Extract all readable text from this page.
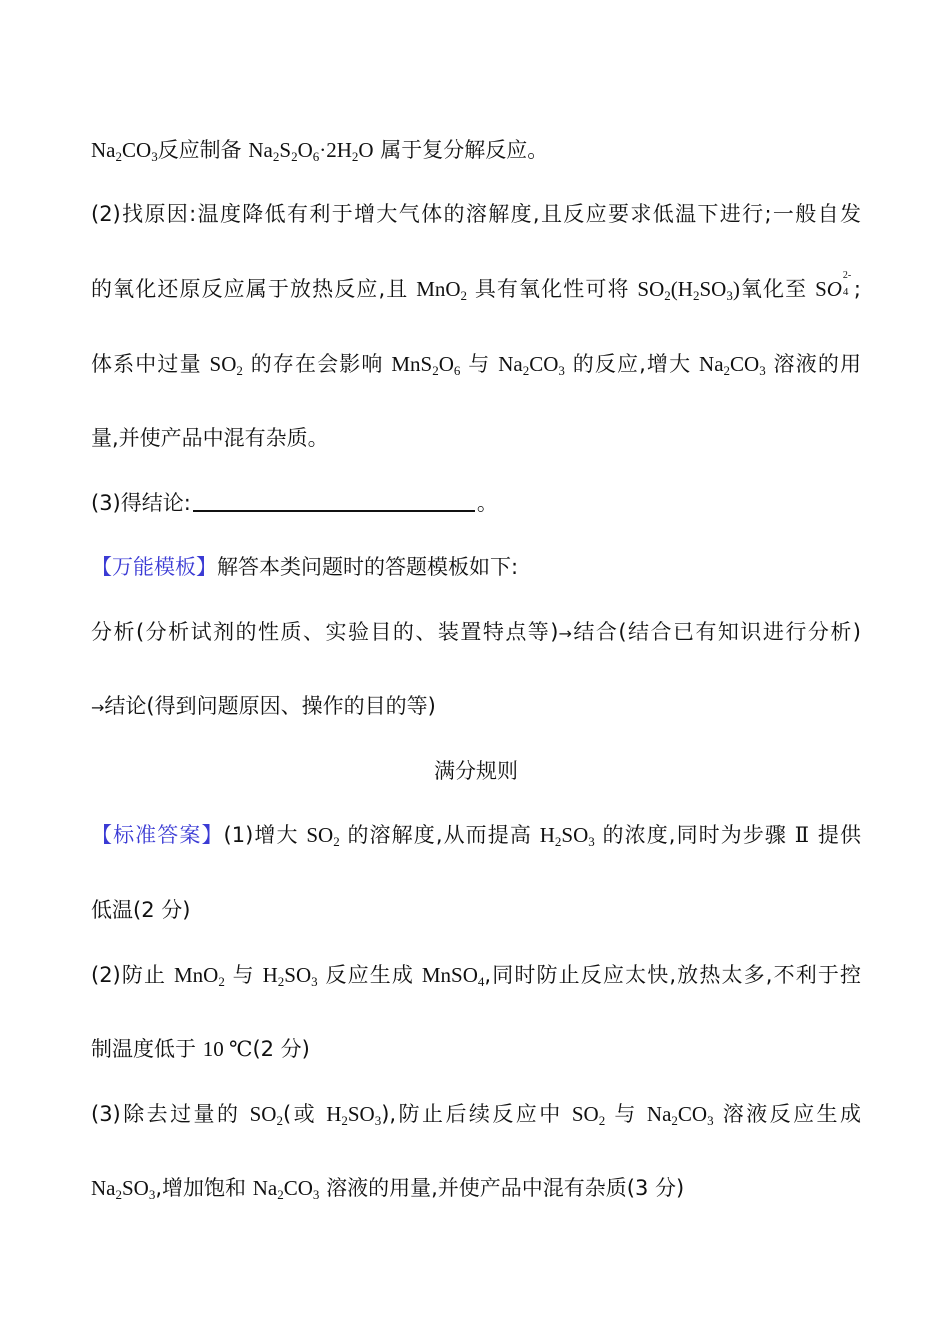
$Na_2CO_3$反应制备 $Na_2S_2O_6\cdot 2H_2O$ 属于复分解反应。
(2)找原因:温度降低有利于增大气体的溶解度,且反应要求低温下进行;一般自发
的氧化还原反应属于放热反应,且 MnO$_2$ 具有氧化性可将 $SO_2(H_2SO_3)$氧化至 SO
2-
4 ;
体系中过量 $SO_2$ 的存在会影响 $MnS_2O_6$ 与 $Na_2CO_3$ 的反应,增大 $Na_2CO_3$ 溶液的用
量,并使产品中混有杂质。
(3)得结论:	。
【万能模板】解答本类问题时的答题模板如下:
分析(分析试剂的性质、实验目的、装置特点等)→结合(结合已有知识进行分析)
→结论(得到问题原因、操作的目的等)
满分规则
【标准答案】(1)增大 $SO_2$ 的溶解度,从而提高 $H_2SO_3$ 的浓度,同时为步骤 Ⅱ 提供
低温(2 分)
(2)防止 MnO$_2$ 与 $H_2SO_3$ 反应生成 MnSO$_4$,同时防止反应太快,放热太多,不利于控
制温度低于 10 ℃(2 分)
(3)除去过量的 $SO_2$(或 $H_2SO_3$),防止后续反应中 $SO_2$ 与 $Na_2CO_3$ 溶液反应生成
$Na_2SO_3$,增加饱和 $Na_2CO_3$ 溶液的用量,并使产品中混有杂质(3 分)
